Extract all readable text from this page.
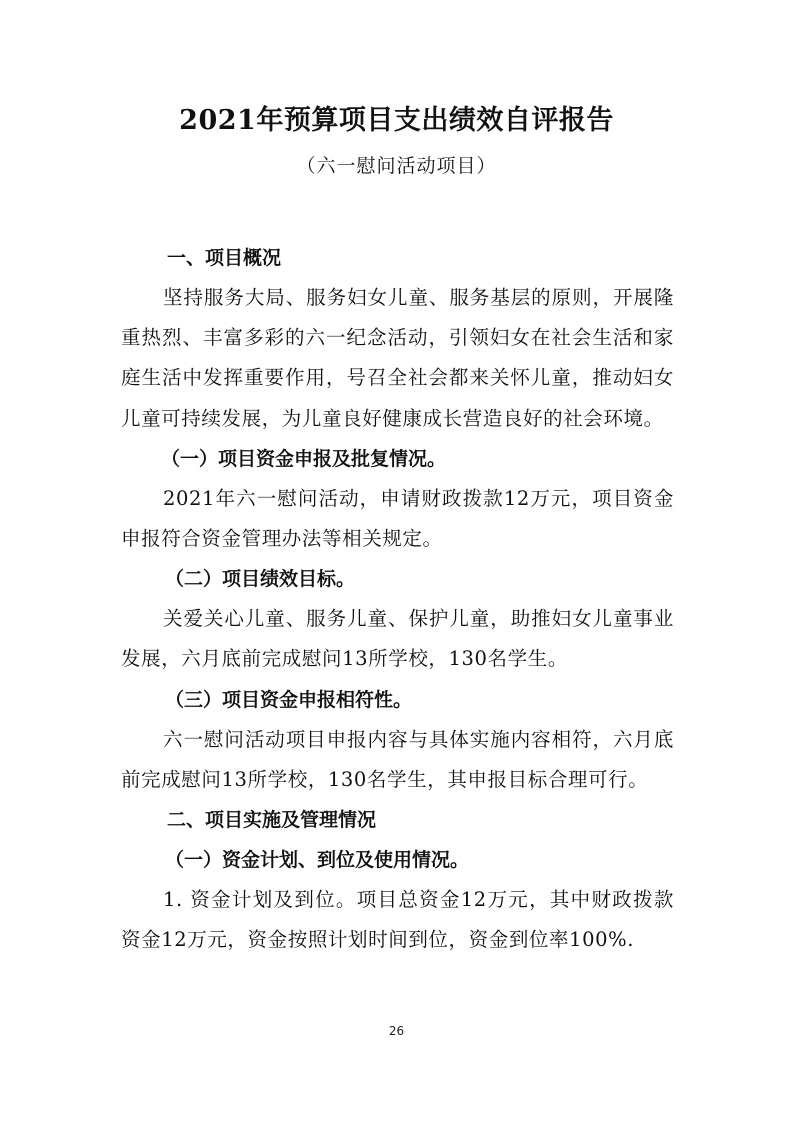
2021年预算项目支出绩效自评报告
（六一慰问活动项目）

一、项目概况

坚持服务大局、服务妇女儿童、服务基层的原则，开展隆重热烈、丰富多彩的六一纪念活动，引领妇女在社会生活和家庭生活中发挥重要作用，号召全社会都来关怀儿童，推动妇女儿童可持续发展，为儿童良好健康成长营造良好的社会环境。

（一）项目资金申报及批复情况。

2021年六一慰问活动，申请财政拨款12万元，项目资金申报符合资金管理办法等相关规定。

（二）项目绩效目标。

关爱关心儿童、服务儿童、保护儿童，助推妇女儿童事业发展，六月底前完成慰问13所学校，130名学生。

（三）项目资金申报相符性。

六一慰问活动项目申报内容与具体实施内容相符，六月底前完成慰问13所学校，130名学生，其申报目标合理可行。

二、项目实施及管理情况

（一）资金计划、到位及使用情况。

1. 资金计划及到位。项目总资金12万元，其中财政拨款资金12万元，资金按照计划时间到位，资金到位率100%.

26
